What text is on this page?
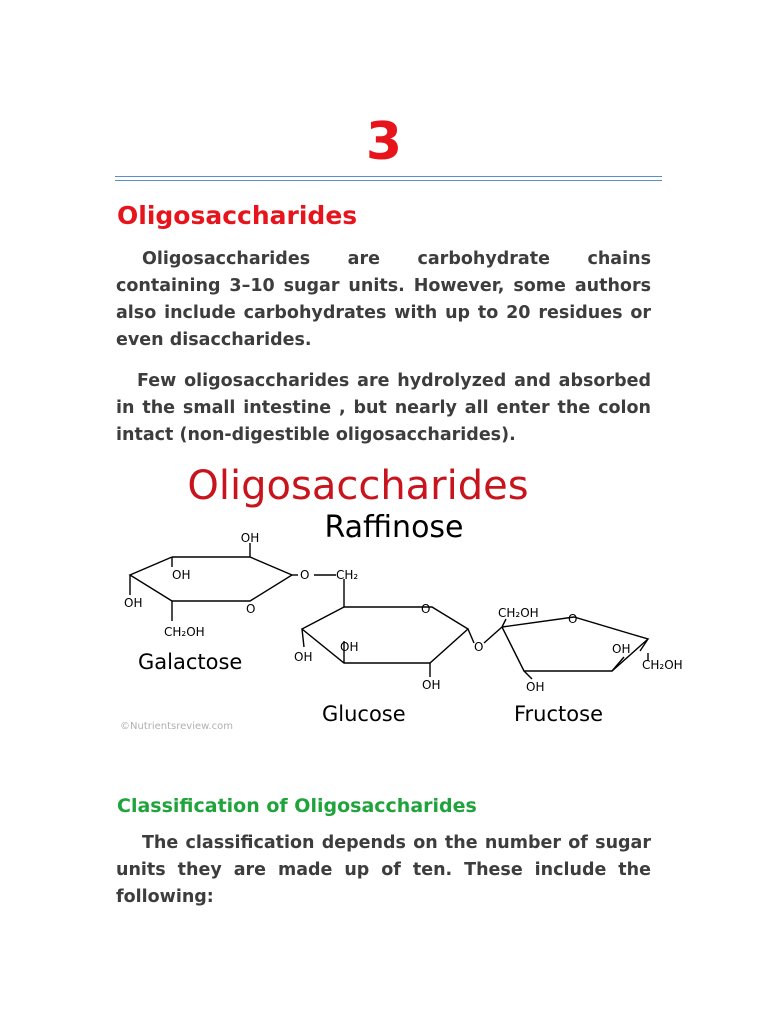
3
Oligosaccharides
Oligosaccharides are carbohydrate chains containing 3–10 sugar units. However, some authors also include carbohydrates with up to 20 residues or even disaccharides.
Few oligosaccharides are hydrolyzed and absorbed in the small intestine , but nearly all enter the colon intact (non-digestible oligosaccharides).
Oligosaccharides
Raffinose
OH
OH
OH
CH₂OH
O
O CH₂
O
OH
OH
OH
O
CH₂OH O
OH
CH₂OH
OH
Galactose
Glucose	Fructose
©Nutrientsreview.com
Classification of Oligosaccharides
The classification depends on the number of sugar units they are made up of ten. These include the following:
